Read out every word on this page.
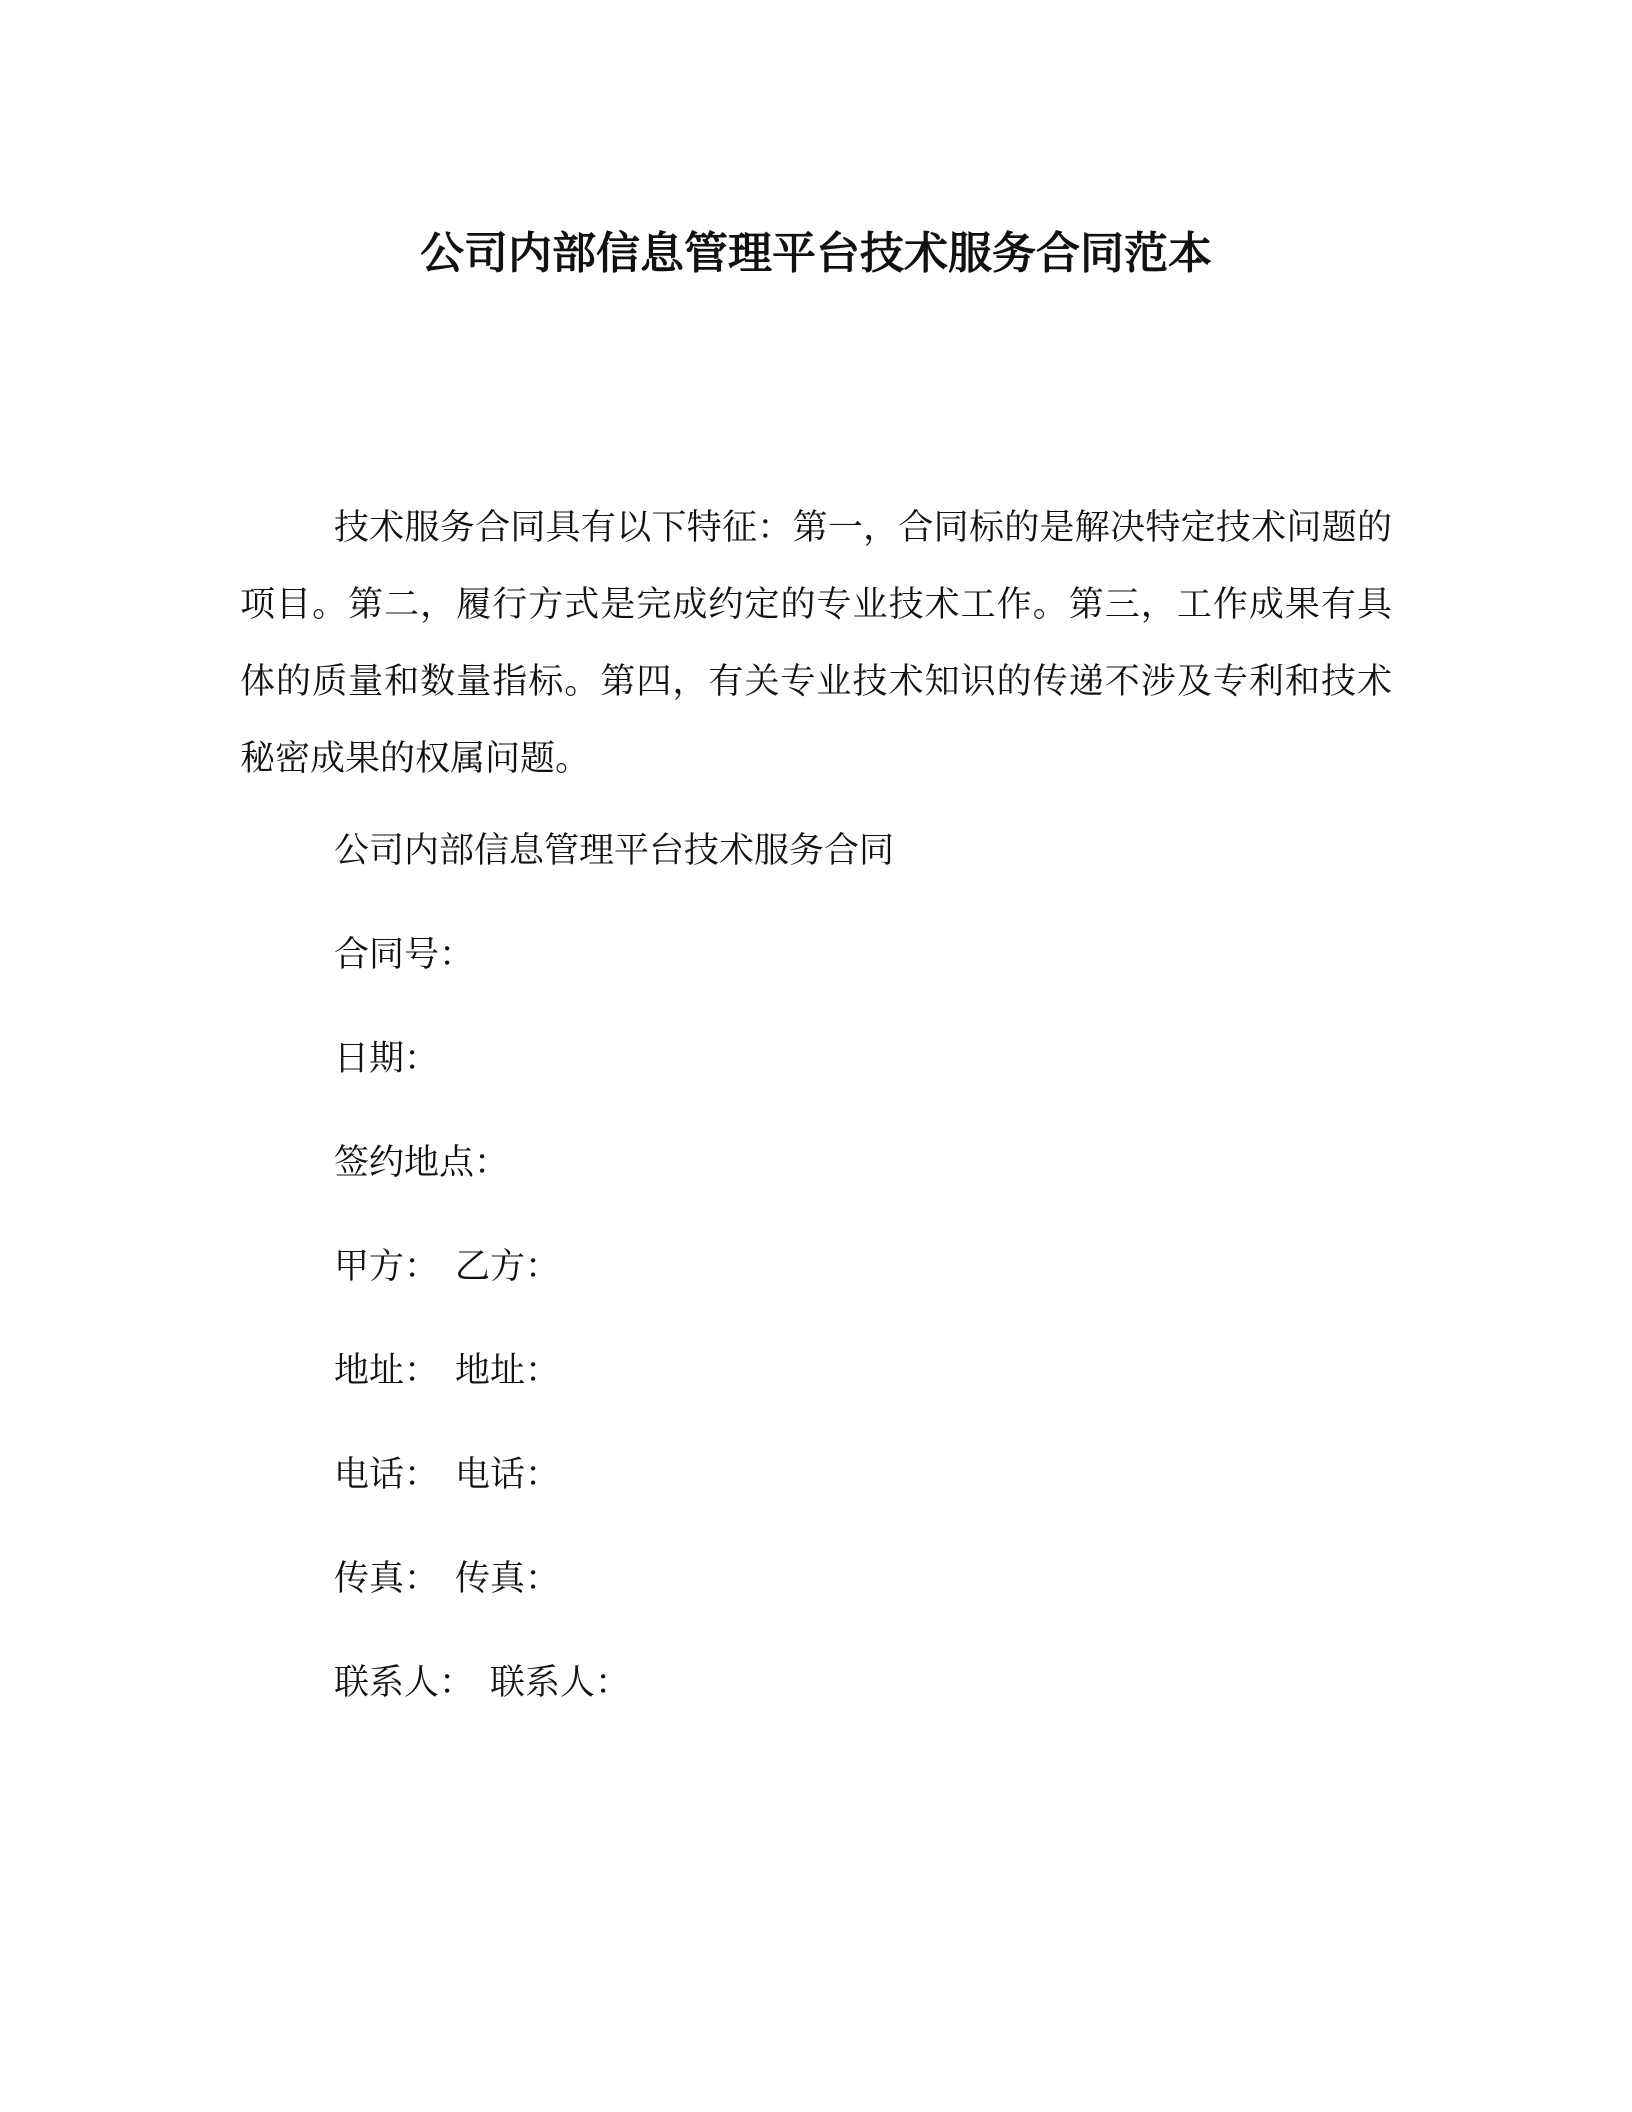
公司内部信息管理平台技术服务合同范本

技术服务合同具有以下特征：第一，合同标的是解决特定技术问题的项目。第二，履行方式是完成约定的专业技术工作。第三，工作成果有具体的质量和数量指标。第四，有关专业技术知识的传递不涉及专利和技术秘密成果的权属问题。

公司内部信息管理平台技术服务合同

合同号：

日期：

签约地点：

甲方： 乙方：

地址： 地址：

电话： 电话：

传真： 传真：

联系人： 联系人：
